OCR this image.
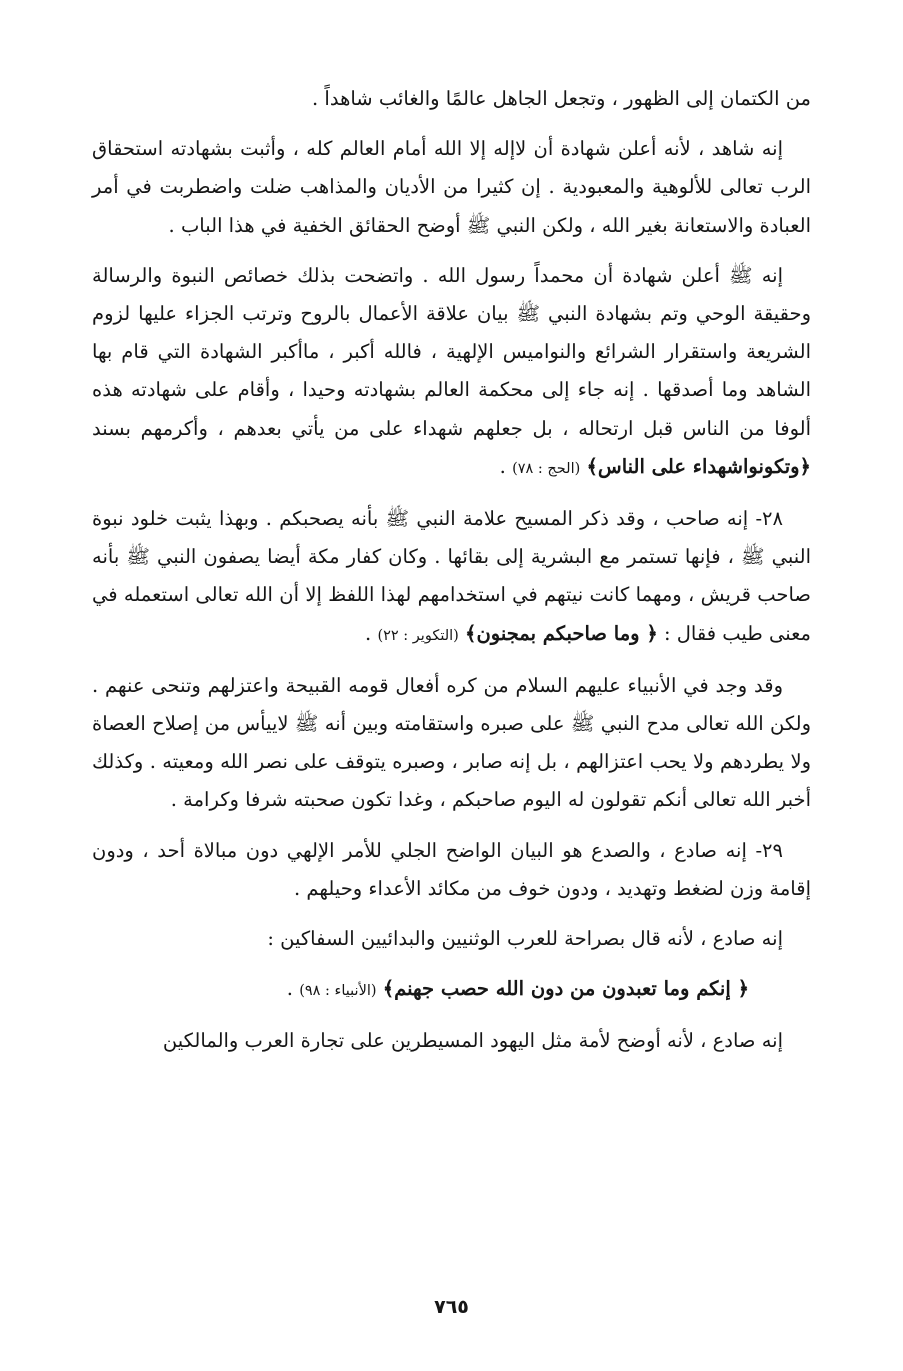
من الكتمان إلى الظهور ، وتجعل الجاهل عالمًا والغائب شاهداً .

إنه شاهد ، لأنه أعلن شهادة أن لاإله إلا الله أمام العالم كله ، وأثبت بشهادته استحقاق الرب تعالى للألوهية والمعبودية . إن كثيرا من الأديان والمذاهب ضلت واضطربت في أمر العبادة والاستعانة بغير الله ، ولكن النبي ﷺ أوضح الحقائق الخفية في هذا الباب .

إنه ﷺ أعلن شهادة أن محمداً رسول الله . واتضحت بذلك خصائص النبوة والرسالة وحقيقة الوحي وتم بشهادة النبي ﷺ بيان علاقة الأعمال بالروح وترتب الجزاء عليها لزوم الشريعة واستقرار الشرائع والنواميس الإلهية ، فالله أكبر ، ماأكبر الشهادة التي قام بها الشاهد وما أصدقها . إنه جاء إلى محكمة العالم بشهادته وحيدا ، وأقام على شهادته هذه ألوفا من الناس قبل ارتحاله ، بل جعلهم شهداء على من يأتي بعدهم ، وأكرمهم بسند ﴿وتكونواشهداء على الناس﴾ (الحج : ٧٨) .

٢٨- إنه صاحب ، وقد ذكر المسيح علامة النبي ﷺ بأنه يصحبكم . وبهذا يثبت خلود نبوة النبي ﷺ ، فإنها تستمر مع البشرية إلى بقائها . وكان كفار مكة أيضا يصفون النبي ﷺ بأنه صاحب قريش ، ومهما كانت نيتهم في استخدامهم لهذا اللفظ إلا أن الله تعالى استعمله في معنى طيب فقال : ﴿ وما صاحبكم بمجنون﴾ (التكوير : ٢٢) .

وقد وجد في الأنبياء عليهم السلام من كره أفعال قومه القبيحة واعتزلهم وتنحى عنهم . ولكن الله تعالى مدح النبي ﷺ على صبره واستقامته وبين أنه ﷺ لاييأس من إصلاح العصاة ولا يطردهم ولا يحب اعتزالهم ، بل إنه صابر ، وصبره يتوقف على نصر الله ومعيته . وكذلك أخبر الله تعالى أنكم تقولون له اليوم صاحبكم ، وغدا تكون صحبته شرفا وكرامة .

٢٩- إنه صادع ، والصدع هو البيان الواضح الجلي للأمر الإلهي دون مبالاة أحد ، ودون إقامة وزن لضغط وتهديد ، ودون خوف من مكائد الأعداء وحيلهم .

إنه صادع ، لأنه قال بصراحة للعرب الوثنيين والبدائيين السفاكين :

﴿ إنكم وما تعبدون من دون الله حصب جهنم﴾ (الأنبياء : ٩٨) .

إنه صادع ، لأنه أوضح لأمة مثل اليهود المسيطرين على تجارة العرب والمالكين

٧٦٥
